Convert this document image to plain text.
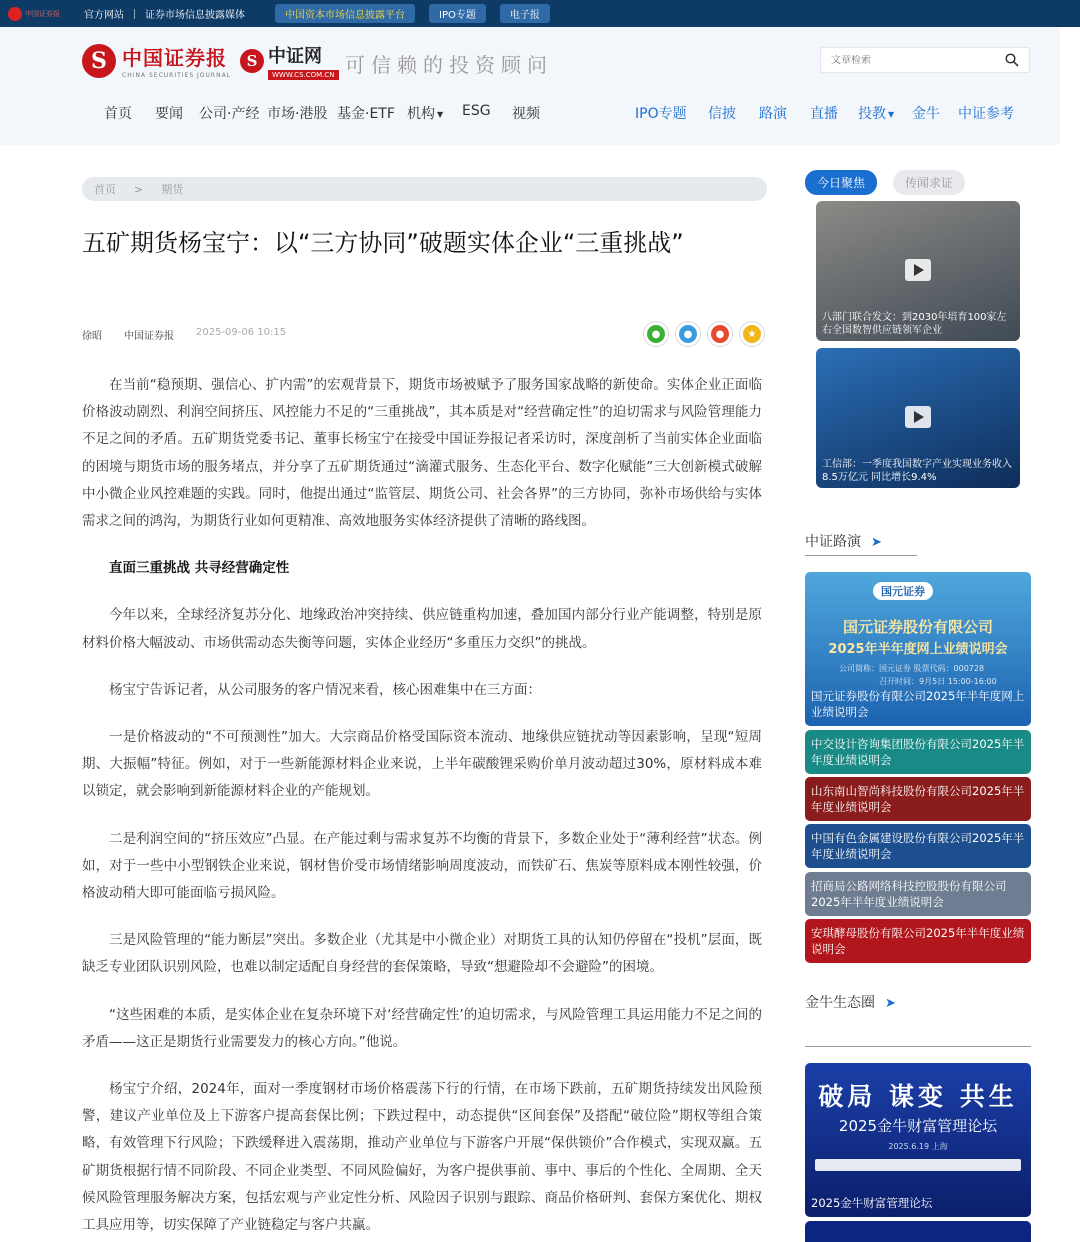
中国证券报 官方网站 证券市场信息披露媒体	中国资本市场信息披露平台	IPO专题	电子报
S 中国证券报
CHINA SECURITIES JOURNAL
S 中证网
WWW.CS.COM.CN 可信赖的投资顾问
文章检索
首页 要闻 公司·产经 市场·港股 基金·ETF 机构 ▼ ESG 视频	IPO专题 信披 路演 直播 投教 ▼ 金牛 中证参考
首页 > 期货
五矿期货杨宝宁：以“三方协同”破题实体企业“三重挑战”
徐昭 中国证券报 2025-09-06 10:15	●	●	●	★

在当前“稳预期、强信心、扩内需”的宏观背景下，期货市场被赋予了服务国家战略的新使命。实体企业正面临价格波动剧烈、利润空间挤压、风控能力不足的“三重挑战”，其本质是对“经营确定性”的迫切需求与风险管理能力不足之间的矛盾。五矿期货党委书记、董事长杨宝宁在接受中国证券报记者采访时，深度剖析了当前实体企业面临的困境与期货市场的服务堵点，并分享了五矿期货通过“滴灌式服务、生态化平台、数字化赋能”三大创新模式破解中小微企业风控难题的实践。同时，他提出通过“监管层、期货公司、社会各界”的三方协同，弥补市场供给与实体需求之间的鸿沟，为期货行业如何更精准、高效地服务实体经济提供了清晰的路线图。

直面三重挑战 共寻经营确定性

今年以来，全球经济复苏分化、地缘政治冲突持续、供应链重构加速，叠加国内部分行业产能调整，特别是原材料价格大幅波动、市场供需动态失衡等问题，实体企业经历“多重压力交织”的挑战。

杨宝宁告诉记者，从公司服务的客户情况来看，核心困难集中在三方面：

一是价格波动的“不可预测性”加大。大宗商品价格受国际资本流动、地缘供应链扰动等因素影响，呈现“短周期、大振幅”特征。例如，对于一些新能源材料企业来说，上半年碳酸锂采购价单月波动超过30%，原材料成本难以锁定，就会影响到新能源材料企业的产能规划。

二是利润空间的“挤压效应”凸显。在产能过剩与需求复苏不均衡的背景下，多数企业处于“薄利经营”状态。例如，对于一些中小型钢铁企业来说，钢材售价受市场情绪影响周度波动，而铁矿石、焦炭等原料成本刚性较强，价格波动稍大即可能面临亏损风险。

三是风险管理的“能力断层”突出。多数企业（尤其是中小微企业）对期货工具的认知仍停留在“投机”层面，既缺乏专业团队识别风险，也难以制定适配自身经营的套保策略，导致“想避险却不会避险”的困境。

“这些困难的本质，是实体企业在复杂环境下对‘经营确定性’的迫切需求，与风险管理工具运用能力不足之间的矛盾——这正是期货行业需要发力的核心方向。”他说。

杨宝宁介绍，2024年，面对一季度钢材市场价格震荡下行的行情，在市场下跌前，五矿期货持续发出风险预警，建议产业单位及上下游客户提高套保比例；下跌过程中，动态提供“区间套保”及搭配“破位险”期权等组合策略，有效管理下行风险；下跌缓释进入震荡期，推动产业单位与下游客户开展“保供锁价”合作模式，实现双赢。五矿期货根据行情不同阶段、不同企业类型、不同风险偏好，为客户提供事前、事中、事后的个性化、全周期、全天候风险管理服务解决方案，包括宏观与产业定性分析、风险因子识别与跟踪、商品价格研判、套保方案优化、期权工具应用等，切实保障了产业链稳定与客户共赢。

今日聚焦	传闻求证
八部门联合发文：到2030年培育100家左右全国数智供应链领军企业
工信部：一季度我国数字产业实现业务收入8.5万亿元 同比增长9.4%
中证路演 ➤
国元证券
国元证券股份有限公司
2025年半年度网上业绩说明会
公司简称：国元证券 股票代码：000728
召开时间：9月5日 15:00-16:00
国元证券股份有限公司2025年半年度网上业绩说明会
中交设计咨询集团股份有限公司2025年半年度业绩说明会
山东南山智尚科技股份有限公司2025年半年度业绩说明会
中国有色金属建设股份有限公司2025年半年度业绩说明会
招商局公路网络科技控股股份有限公司2025年半年度业绩说明会
安琪酵母股份有限公司2025年半年度业绩说明会
金牛生态圈 ➤
破局 谋变 共生
2025金牛财富管理论坛
2025.6.19 上海
2025金牛财富管理论坛
